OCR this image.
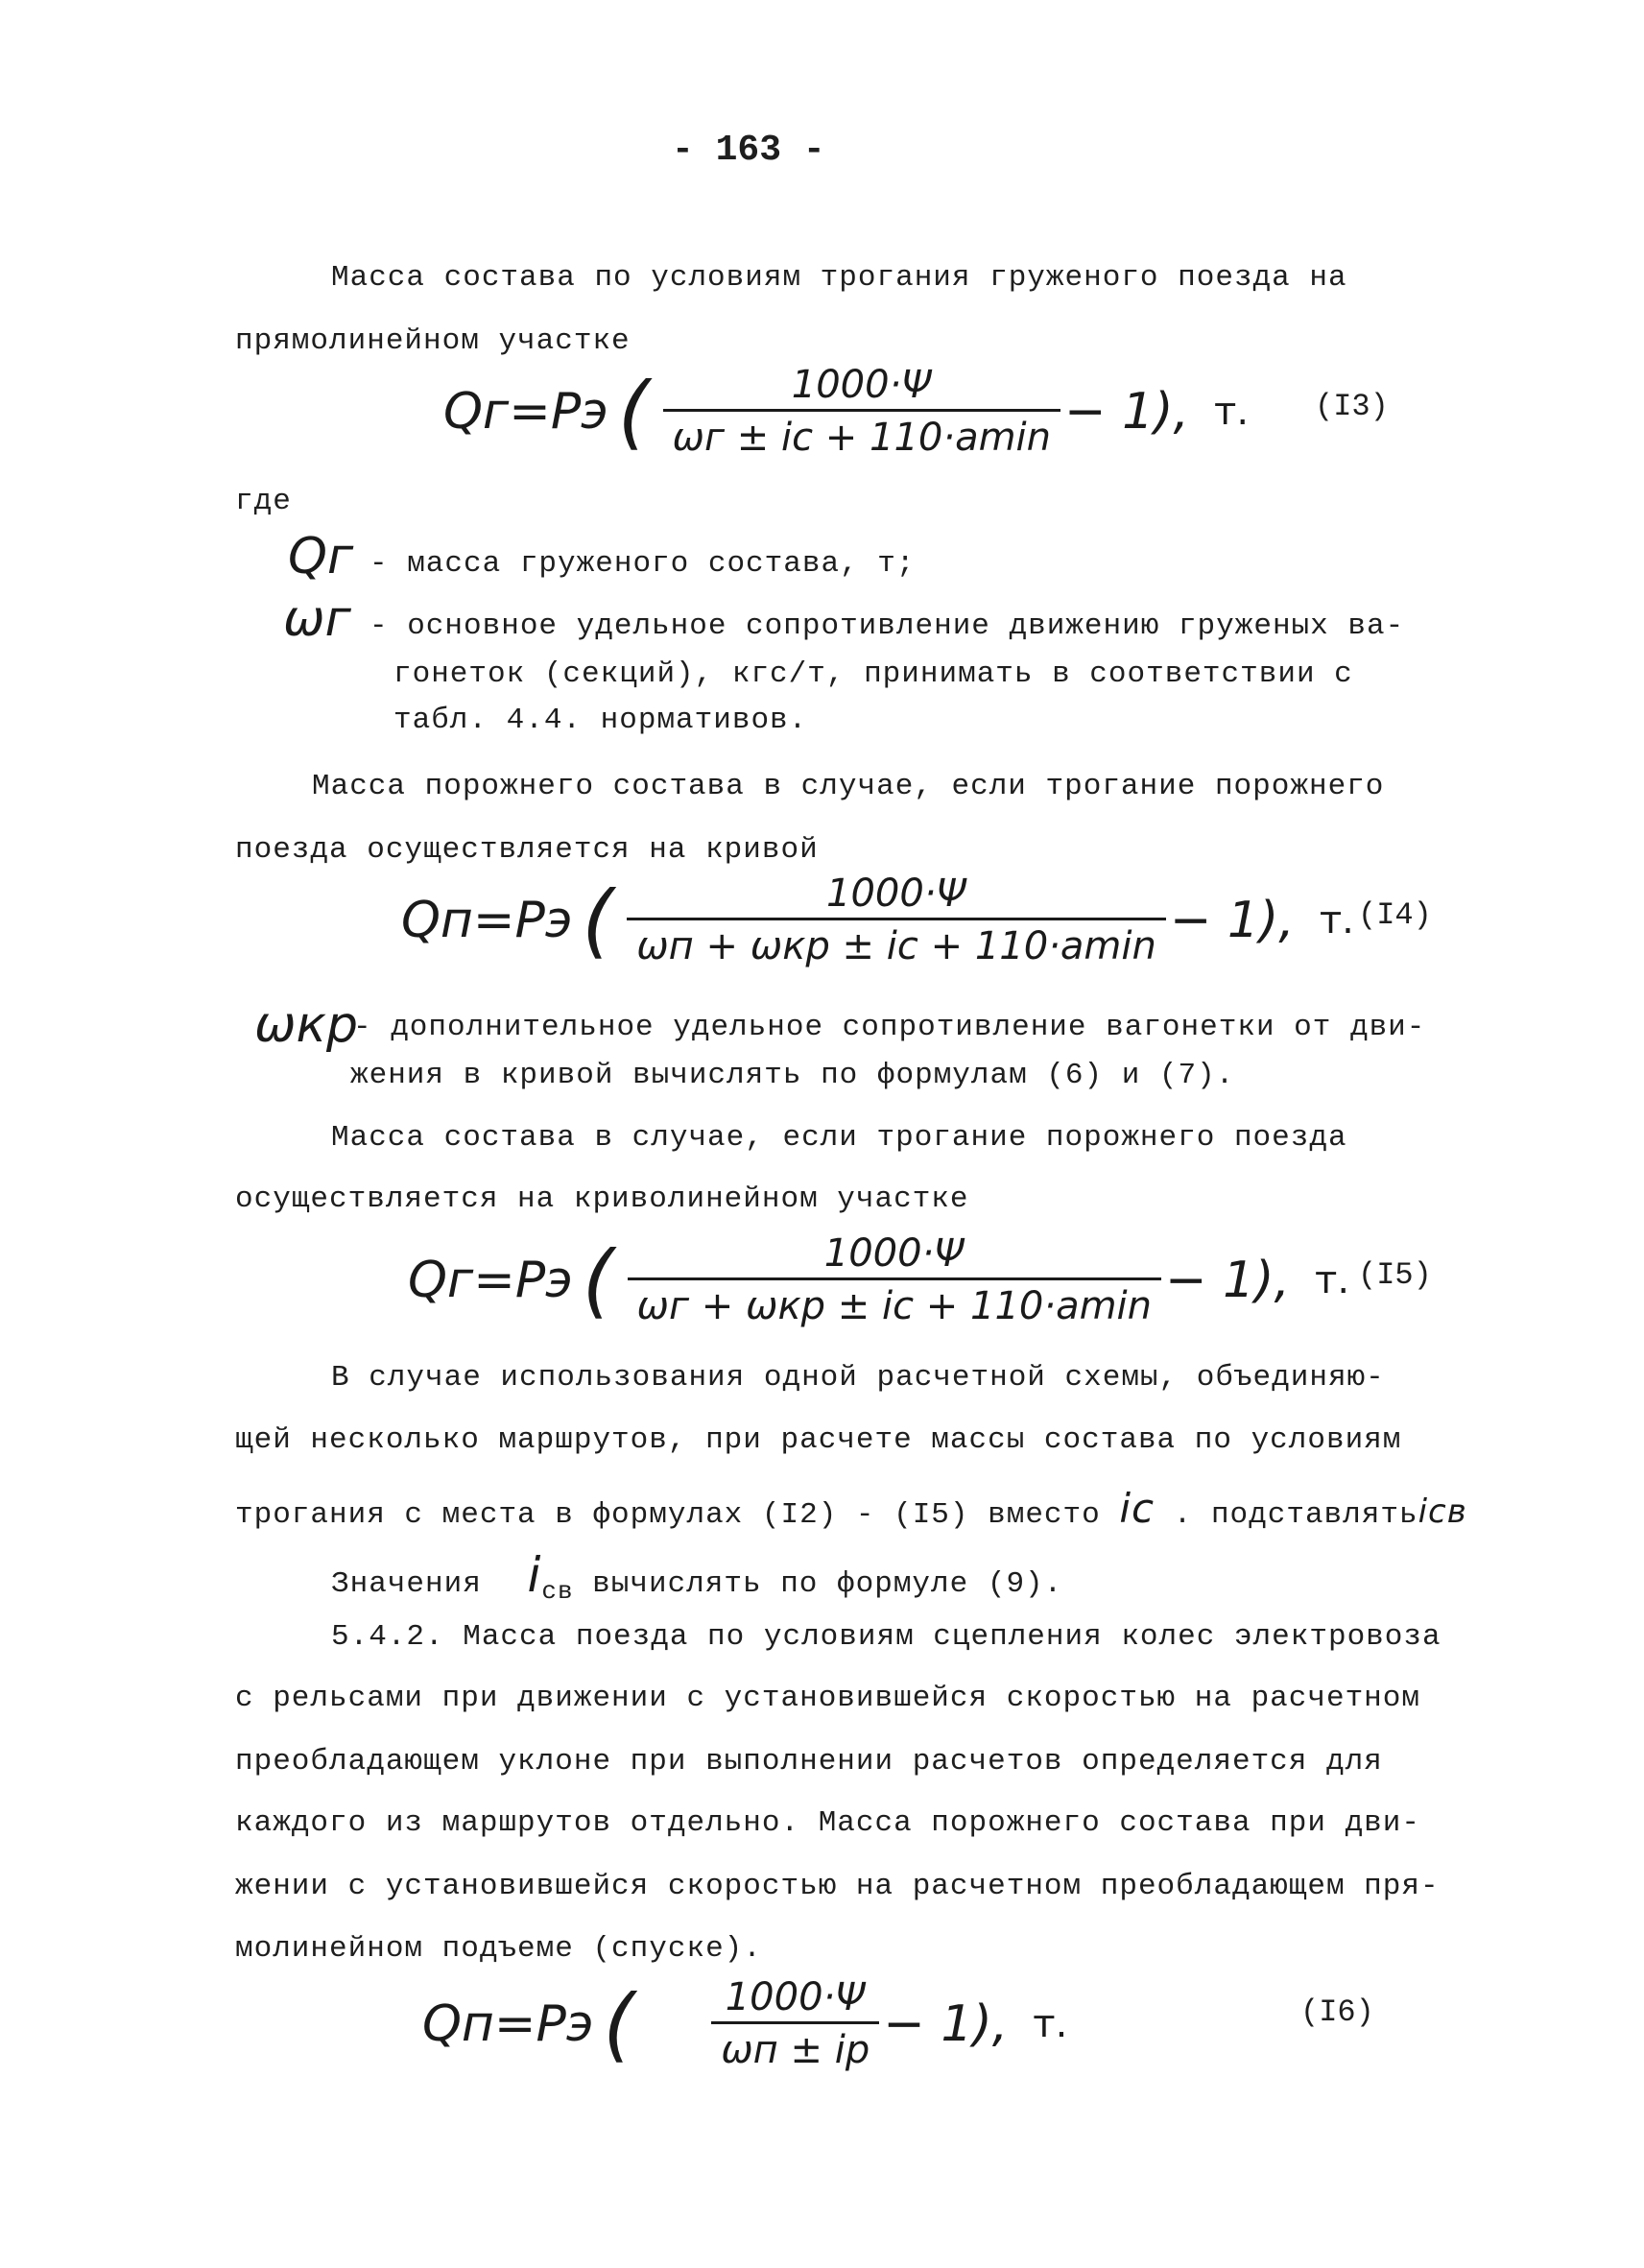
- 163 -
Масса состава по условиям трогания груженого поезда на
прямолинейном участке
Qг=Рэ ( $\frac{1000\cdot\Psi}{\omega г \pm iс + 110\cdot а\min} - 1$), т. (I3)
где
Qг - масса груженого состава, т;
ωг - основное удельное сопротивление движению груженых ва-
гонеток (секций), кгс/т, принимать в соответствии с
табл. 4.4. нормативов.
Масса порожнего состава в случае, если трогание порожнего
поезда осуществляется на кривой
Qп=Рэ ( $\frac{1000\cdot\Psi}{\text{ωп + ωкр ± iс + 110·аmin}} - 1$), т. (I4)
ωкр
- дополнительное удельное сопротивление вагонетки от дви-
жения в кривой вычислять по формулам (6) и (7).
Масса состава в случае, если трогание порожнего поезда
осуществляется на криволинейном участке
Qг=Рэ ( $\frac{1000\cdot\Psi}{\text{ωг + ωкр ± iс + 110·аmin}} - 1$), т. (I5)
В случае использования одной расчетной схемы, объединяю-
щей несколько маршрутов, при расчете массы состава по условиям
трогания с места в формулах (I2) - (I5) вместо iс . подставлятьiсв
Значения $i_{св}$ вычислять по формуле (9).
5.4.2. Масса поезда по условиям сцепления колес электровоза
с рельсами при движении с установившейся скоростью на расчетном
преобладающем уклоне при выполнении расчетов определяется для
каждого из маршрутов отдельно. Масса порожнего состава при дви-
жении с установившейся скоростью на расчетном преобладающем пря-
молинейном подъеме (спуске).
Qп=Рэ ( $\frac{1000\cdot\Psi}{\omega п \pm iр} - 1$), т.	(I6)
